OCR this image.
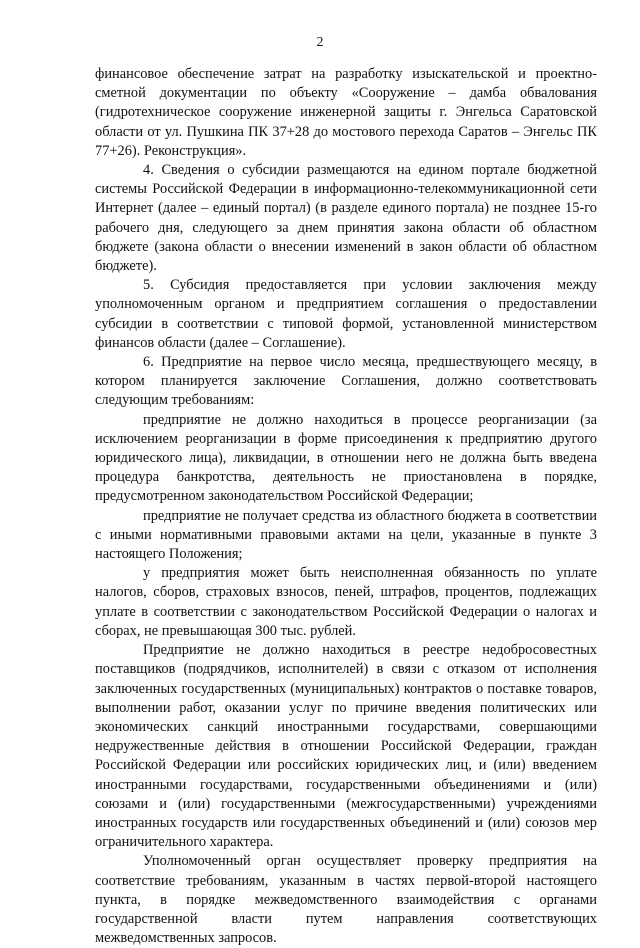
2

финансовое обеспечение затрат на разработку изыскательской и проектно-сметной документации по объекту «Сооружение – дамба обвалования (гидротехническое сооружение инженерной защиты г. Энгельса Саратовской области от ул. Пушкина ПК 37+28 до мостового перехода Саратов – Энгельс ПК 77+26). Реконструкция».

4. Сведения о субсидии размещаются на едином портале бюджетной системы Российской Федерации в информационно-телекоммуникационной сети Интернет (далее – единый портал) (в разделе единого портала) не позднее 15-го рабочего дня, следующего за днем принятия закона области об областном бюджете (закона области о внесении изменений в закон области об областном бюджете).

5. Субсидия предоставляется при условии заключения между уполномоченным органом и предприятием соглашения о предоставлении субсидии в соответствии с типовой формой, установленной министерством финансов области (далее – Соглашение).

6. Предприятие на первое число месяца, предшествующего месяцу, в котором планируется заключение Соглашения, должно соответствовать следующим требованиям:

предприятие не должно находиться в процессе реорганизации (за исключением реорганизации в форме присоединения к предприятию другого юридического лица), ликвидации, в отношении него не должна быть введена процедура банкротства, деятельность не приостановлена в порядке, предусмотренном законодательством Российской Федерации;

предприятие не получает средства из областного бюджета в соответствии с иными нормативными правовыми актами на цели, указанные в пункте 3 настоящего Положения;

у предприятия может быть неисполненная обязанность по уплате налогов, сборов, страховых взносов, пеней, штрафов, процентов, подлежащих уплате в соответствии с законодательством Российской Федерации о налогах и сборах, не превышающая 300 тыс. рублей.

Предприятие не должно находиться в реестре недобросовестных поставщиков (подрядчиков, исполнителей) в связи с отказом от исполнения заключенных государственных (муниципальных) контрактов о поставке товаров, выполнении работ, оказании услуг по причине введения политических или экономических санкций иностранными государствами, совершающими недружественные действия в отношении Российской Федерации, граждан Российской Федерации или российских юридических лиц, и (или) введением иностранными государствами, государственными объединениями и (или) союзами и (или) государственными (межгосударственными) учреждениями иностранных государств или государственных объединений и (или) союзов мер ограничительного характера.

Уполномоченный орган осуществляет проверку предприятия на соответствие требованиям, указанным в частях первой-второй настоящего пункта, в порядке межведомственного взаимодействия с органами государственной власти путем направления соответствующих межведомственных запросов.
